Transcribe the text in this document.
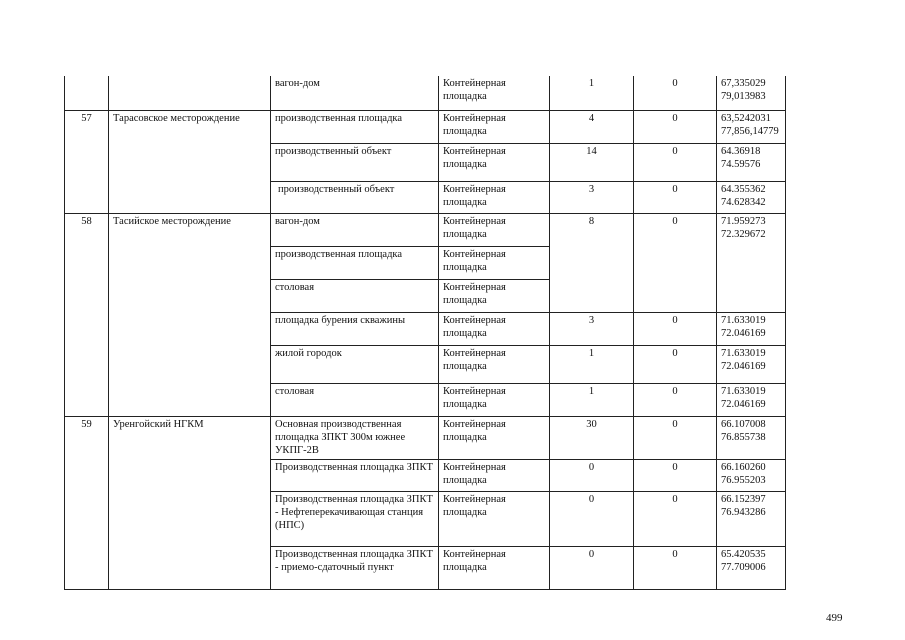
		вагон-дом	Контейнерная площадка	1	0	67,335029
79,013983

57	Тарасовское месторождение	производственная площадка	Контейнерная площадка	4	0	63,5242031
77,856,14779

		производственный объект	Контейнерная площадка	14	0	64.36918
74.59576

		производственный объект	Контейнерная площадка	3	0	64.355362
74.628342

58	Тасийское месторождение	вагон-дом	Контейнерная площадка	8	0	71.959273
72.329672

		производственная площадка	Контейнерная площадка			
		столовая	Контейнерная площадка			
		площадка бурения скважины	Контейнерная площадка	3	0	71.633019
72.046169

		жилой городок	Контейнерная площадка	1	0	71.633019
72.046169

		столовая	Контейнерная площадка	1	0	71.633019
72.046169

59	Уренгойский НГКМ	Основная производственная площадка ЗПКТ 300м южнее УКПГ-2В	Контейнерная площадка	30	0	66.107008
76.855738

		Производственная площадка ЗПКТ	Контейнерная площадка	0	0	66.160260
76.955203

		Производственная площадка ЗПКТ - Нефтеперекачивающая станция (НПС)	Контейнерная площадка	0	0	66.152397
76.943286

		Производственная площадка ЗПКТ - приемо-сдаточный пункт	Контейнерная площадка	0	0	65.420535
77.709006
499
